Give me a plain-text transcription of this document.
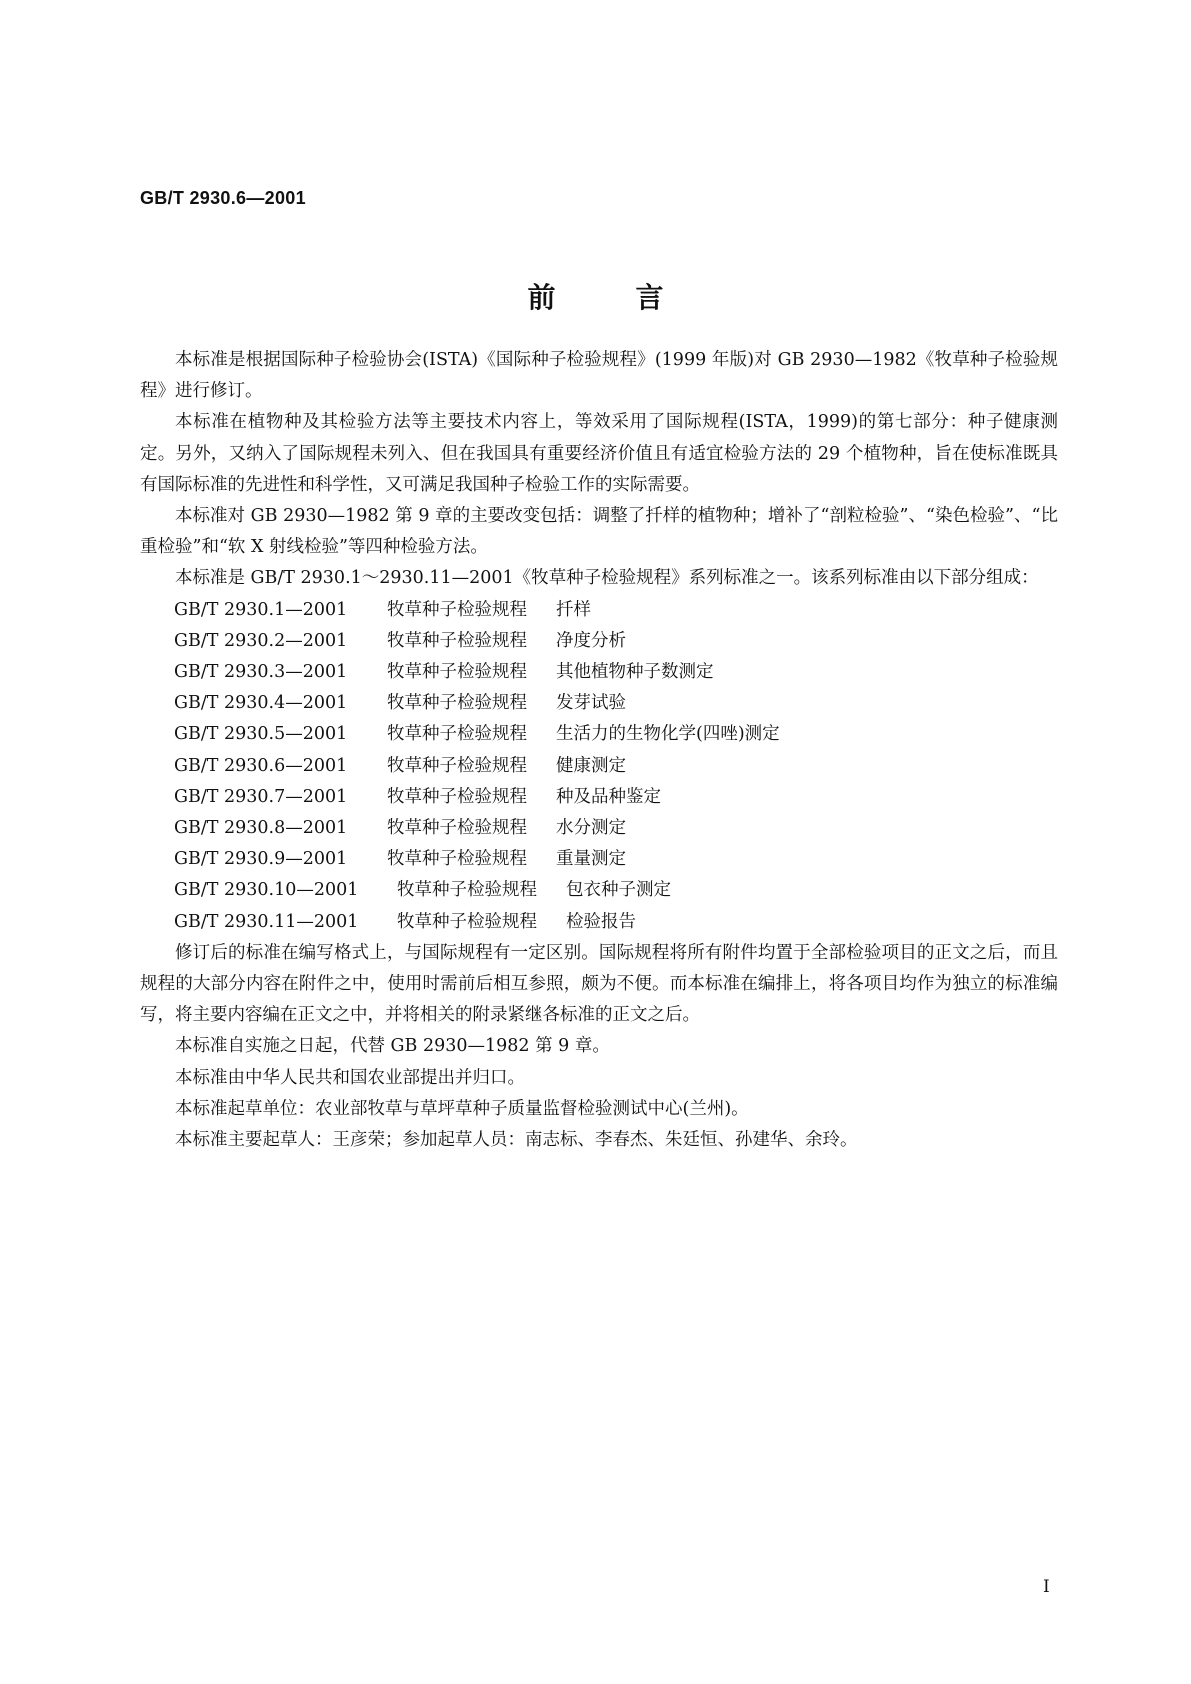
GB/T 2930.6—2001
前言

本标准是根据国际种子检验协会(ISTA)《国际种子检验规程》(1999 年版)对 GB 2930—1982《牧草种子检验规程》进行修订。

本标准在植物种及其检验方法等主要技术内容上，等效采用了国际规程(ISTA，1999)的第七部分：种子健康测定。另外，又纳入了国际规程未列入、但在我国具有重要经济价值且有适宜检验方法的 29 个植物种，旨在使标准既具有国际标准的先进性和科学性，又可满足我国种子检验工作的实际需要。

本标准对 GB 2930—1982 第 9 章的主要改变包括：调整了扦样的植物种；增补了“剖粒检验”、“染色检验”、“比重检验”和“软 X 射线检验”等四种检验方法。

本标准是 GB/T 2930.1～2930.11—2001《牧草种子检验规程》系列标准之一。该系列标准由以下部分组成：

GB/T 2930.1—2001	牧草种子检验规程	扦样
GB/T 2930.2—2001	牧草种子检验规程	净度分析
GB/T 2930.3—2001	牧草种子检验规程	其他植物种子数测定
GB/T 2930.4—2001	牧草种子检验规程	发芽试验
GB/T 2930.5—2001	牧草种子检验规程	生活力的生物化学(四唑)测定
GB/T 2930.6—2001	牧草种子检验规程	健康测定
GB/T 2930.7—2001	牧草种子检验规程	种及品种鉴定
GB/T 2930.8—2001	牧草种子检验规程	水分测定
GB/T 2930.9—2001	牧草种子检验规程	重量测定
GB/T 2930.10—2001	牧草种子检验规程	包衣种子测定
GB/T 2930.11—2001	牧草种子检验规程	检验报告

修订后的标准在编写格式上，与国际规程有一定区别。国际规程将所有附件均置于全部检验项目的正文之后，而且规程的大部分内容在附件之中，使用时需前后相互参照，颇为不便。而本标准在编排上，将各项目均作为独立的标准编写，将主要内容编在正文之中，并将相关的附录紧继各标准的正文之后。

本标准自实施之日起，代替 GB 2930—1982 第 9 章。

本标准由中华人民共和国农业部提出并归口。

本标准起草单位：农业部牧草与草坪草种子质量监督检验测试中心(兰州)。

本标准主要起草人：王彦荣；参加起草人员：南志标、李春杰、朱廷恒、孙建华、余玲。

I
